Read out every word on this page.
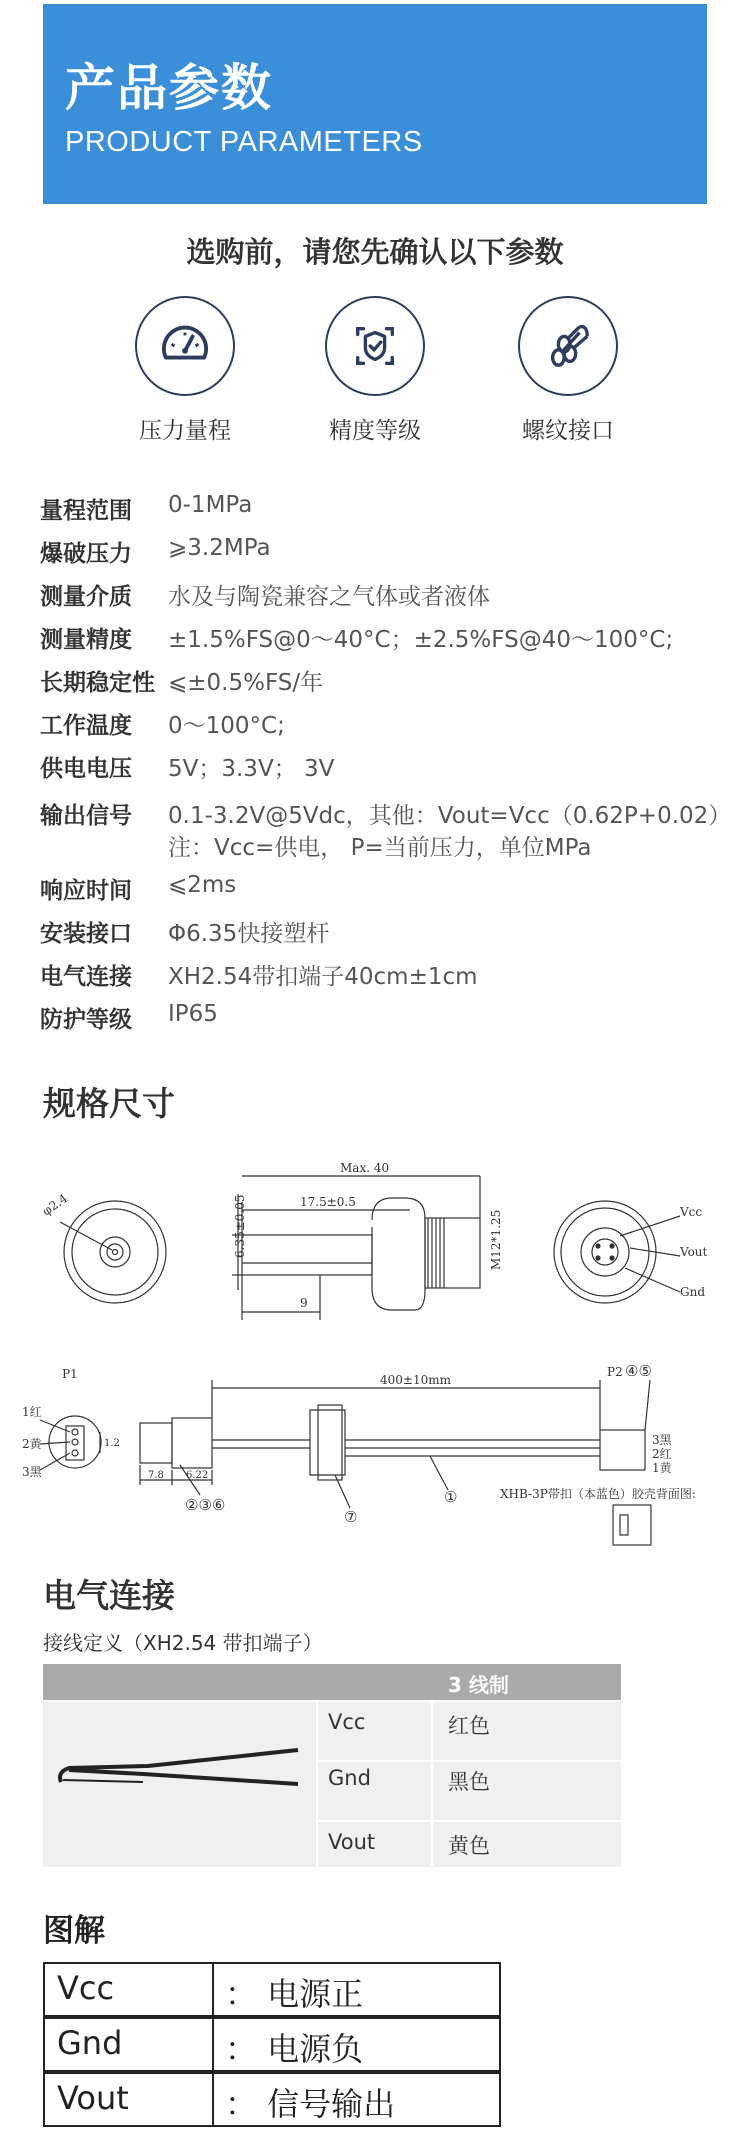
产品参数
PRODUCT PARAMETERS
选购前，请您先确认以下参数
压力量程	精度等级	螺纹接口
量程范围 0-1MPa
爆破压力 ⩾3.2MPa
测量介质 水及与陶瓷兼容之气体或者液体
测量精度 ±1.5%FS@0～40°C；±2.5%FS@40～100°C;
长期稳定性 ⩽±0.5%FS/年
工作温度 0～100°C;
供电电压 5V；3.3V； 3V
输出信号 0.1-3.2V@5Vdc，其他：Vout=Vcc（0.62P+0.02）
注：Vcc=供电， P=当前压力，单位MPa
响应时间 ⩽2ms
安装接口 Φ6.35快接塑杆
电气连接 XH2.54带扣端子40cm±1cm
防护等级 IP65
规格尺寸
φ2.4
Max. 40
17.5±0.5
9
6.35±0.05	M12*1.25	Vcc
Vout
Gnd
P1
1红
2黄
3黑
1.2
400±10mm
7.8 6.22
P2 ④⑤
3黑
2红
1黄
②③⑥
⑦
①	XHB-3P带扣（本蓝色）胶壳背面图:
电气连接
接线定义（XH2.54 带扣端子）
3 线制
Vcc	红色
Gnd	黑色
Vout	黄色
图解
Vcc	： 电源正
Gnd	： 电源负
Vout	： 信号输出
